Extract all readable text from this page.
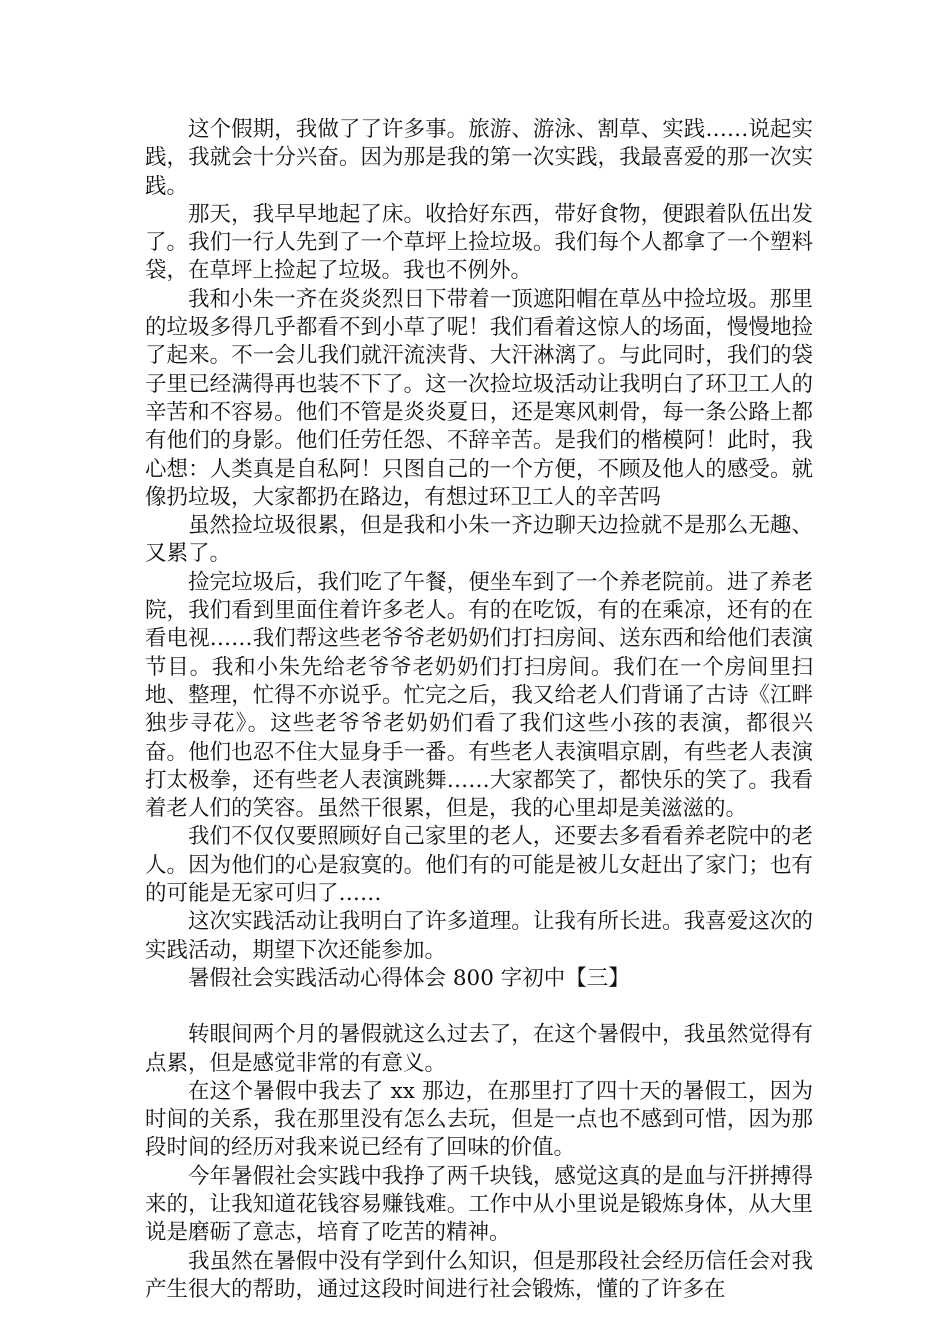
这个假期，我做了了许多事。旅游、游泳、割草、实践……说起实践，我就会十分兴奋。因为那是我的第一次实践，我最喜爱的那一次实践。

那天，我早早地起了床。收拾好东西，带好食物，便跟着队伍出发了。我们一行人先到了一个草坪上捡垃圾。我们每个人都拿了一个塑料袋，在草坪上捡起了垃圾。我也不例外。

我和小朱一齐在炎炎烈日下带着一顶遮阳帽在草丛中捡垃圾。那里的垃圾多得几乎都看不到小草了呢！我们看着这惊人的场面，慢慢地捡了起来。不一会儿我们就汗流浃背、大汗淋漓了。与此同时，我们的袋子里已经满得再也装不下了。这一次捡垃圾活动让我明白了环卫工人的辛苦和不容易。他们不管是炎炎夏日，还是寒风刺骨，每一条公路上都有他们的身影。他们任劳任怨、不辞辛苦。是我们的楷模阿！此时，我心想：人类真是自私阿！只图自己的一个方便，不顾及他人的感受。就像扔垃圾，大家都扔在路边，有想过环卫工人的辛苦吗

虽然捡垃圾很累，但是我和小朱一齐边聊天边捡就不是那么无趣、又累了。

捡完垃圾后，我们吃了午餐，便坐车到了一个养老院前。进了养老院，我们看到里面住着许多老人。有的在吃饭，有的在乘凉，还有的在看电视……我们帮这些老爷爷老奶奶们打扫房间、送东西和给他们表演节目。我和小朱先给老爷爷老奶奶们打扫房间。我们在一个房间里扫地、整理，忙得不亦说乎。忙完之后，我又给老人们背诵了古诗《江畔独步寻花》。这些老爷爷老奶奶们看了我们这些小孩的表演，都很兴奋。他们也忍不住大显身手一番。有些老人表演唱京剧，有些老人表演打太极拳，还有些老人表演跳舞……大家都笑了，都快乐的笑了。我看着老人们的笑容。虽然干很累，但是，我的心里却是美滋滋的。

我们不仅仅要照顾好自己家里的老人，还要去多看看养老院中的老人。因为他们的心是寂寞的。他们有的可能是被儿女赶出了家门；也有的可能是无家可归了……

这次实践活动让我明白了许多道理。让我有所长进。我喜爱这次的实践活动，期望下次还能参加。

暑假社会实践活动心得体会 800 字初中【三】

转眼间两个月的暑假就这么过去了，在这个暑假中，我虽然觉得有点累，但是感觉非常的有意义。

在这个暑假中我去了 xx 那边，在那里打了四十天的暑假工，因为时间的关系，我在那里没有怎么去玩，但是一点也不感到可惜，因为那段时间的经历对我来说已经有了回味的价值。

今年暑假社会实践中我挣了两千块钱，感觉这真的是血与汗拼搏得来的，让我知道花钱容易赚钱难。工作中从小里说是锻炼身体，从大里说是磨砺了意志，培育了吃苦的精神。

我虽然在暑假中没有学到什么知识，但是那段社会经历信任会对我产生很大的帮助，通过这段时间进行社会锻炼，懂的了许多在
